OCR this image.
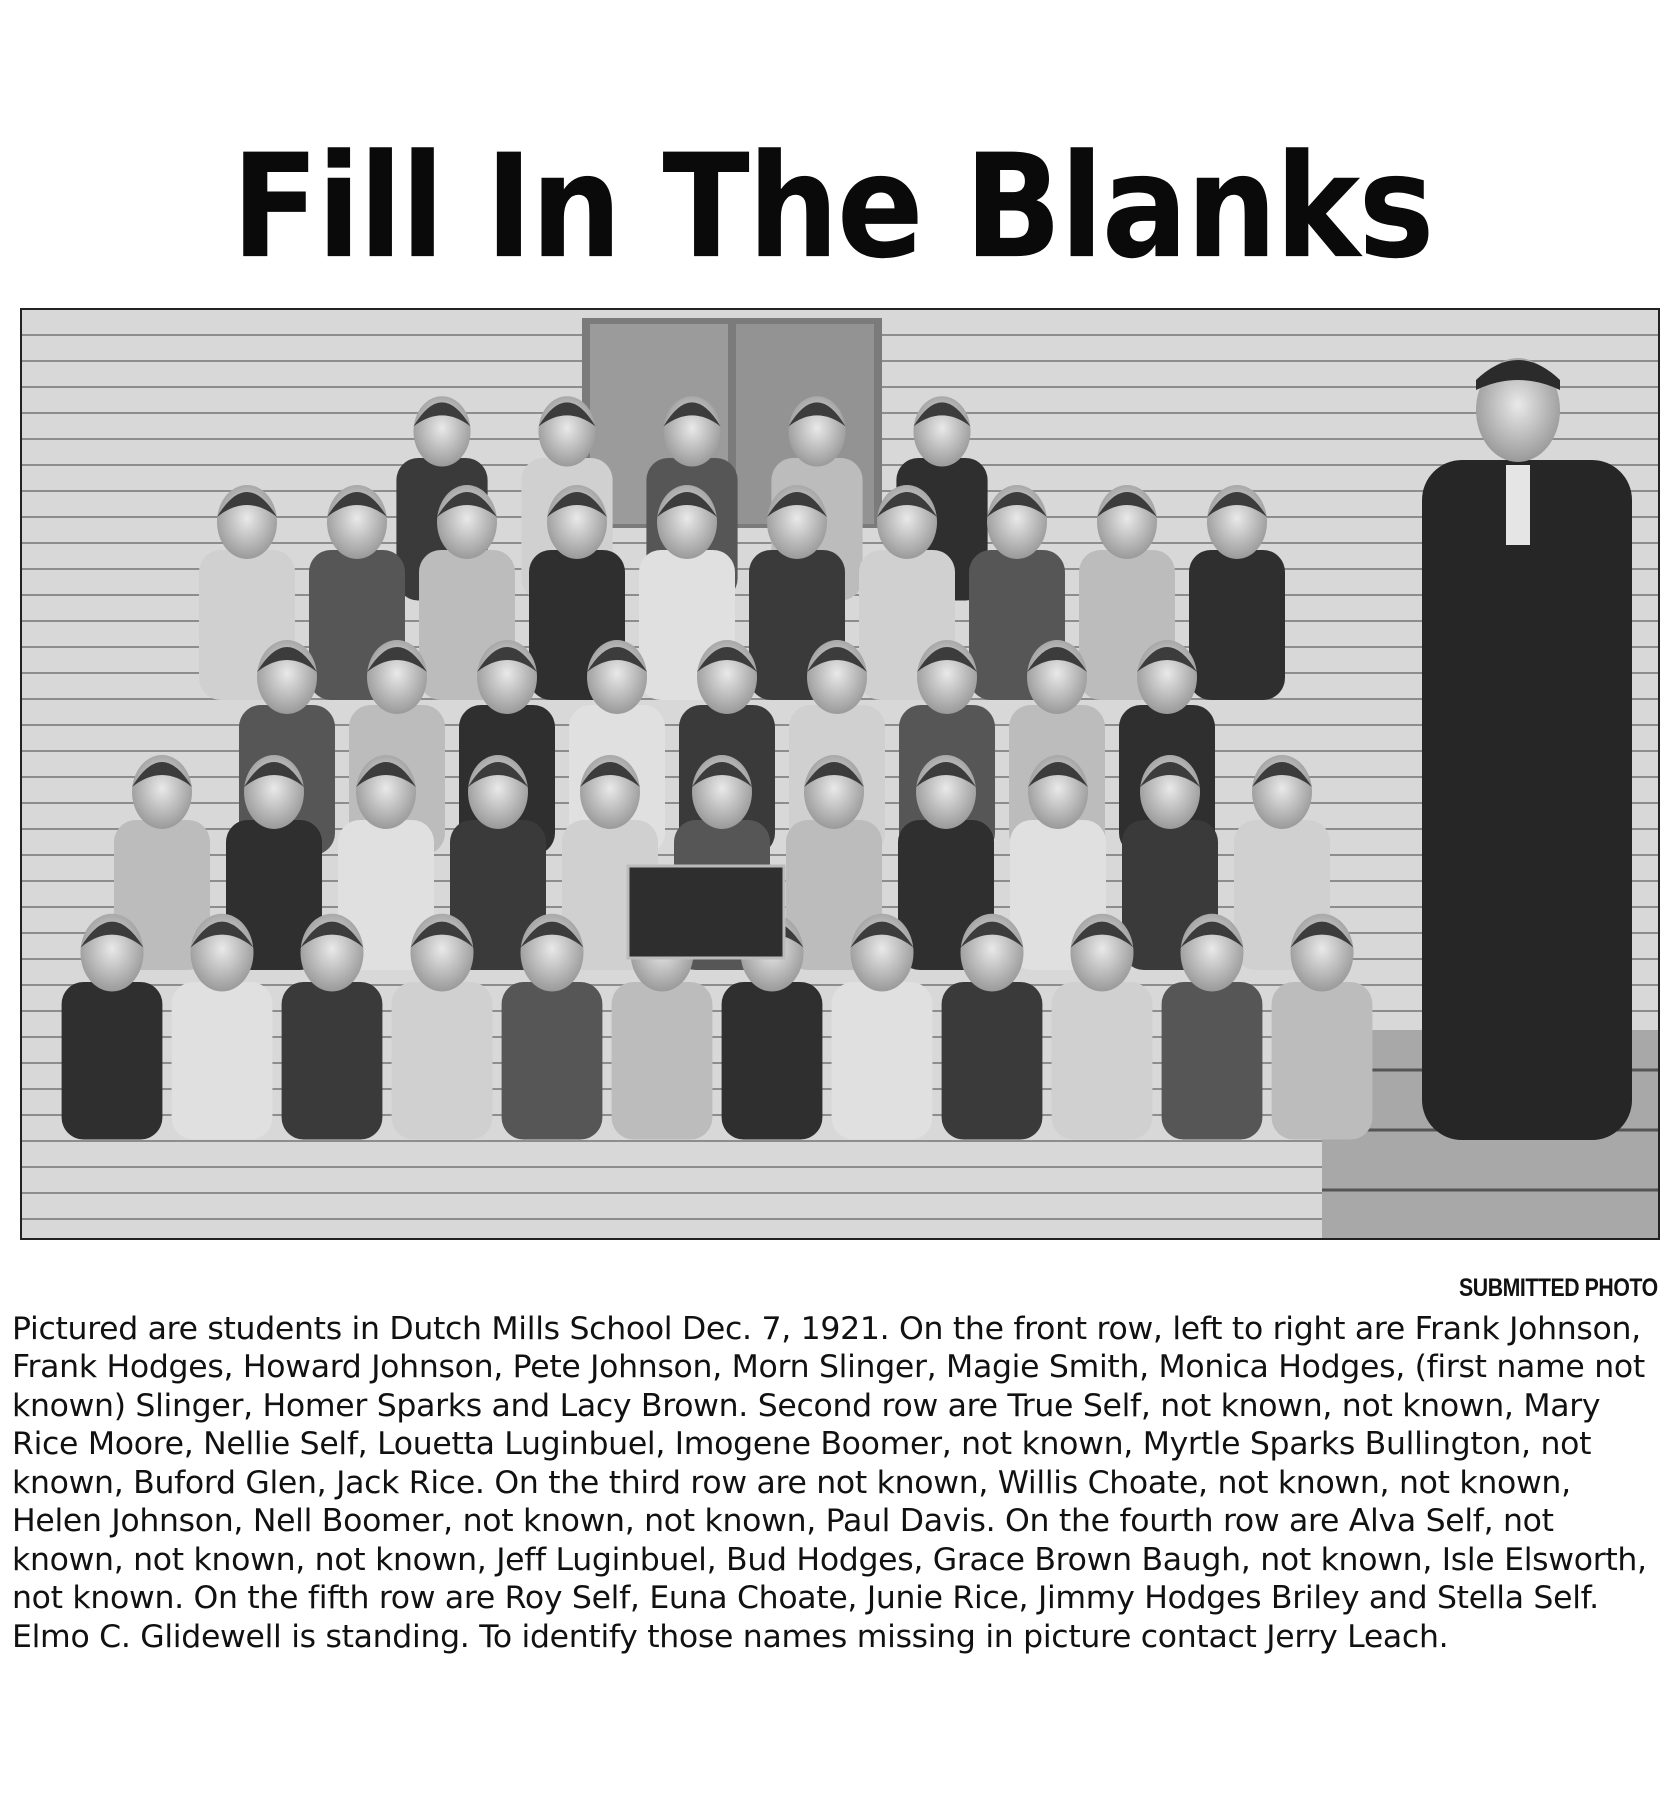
Fill In The Blanks
SUBMITTED PHOTO

Pictured are students in Dutch Mills School Dec. 7, 1921. On the front row, left to right are Frank Johnson, Frank Hodges, Howard Johnson, Pete Johnson, Morn Slinger, Magie Smith, Monica Hodges, (first name not known) Slinger, Homer Sparks and Lacy Brown. Second row are True Self, not known, not known, Mary Rice Moore, Nellie Self, Louetta Luginbuel, Imogene Boomer, not known, Myrtle Sparks Bullington, not known, Buford Glen, Jack Rice. On the third row are not known, Willis Choate, not known, not known, Helen Johnson, Nell Boomer, not known, not known, Paul Davis. On the fourth row are Alva Self, not known, not known, not known, Jeff Luginbuel, Bud Hodges, Grace Brown Baugh, not known, Isle Elsworth, not known. On the fifth row are Roy Self, Euna Choate, Junie Rice, Jimmy Hodges Briley and Stella Self. Elmo C. Glidewell is standing. To identify those names missing in picture contact Jerry Leach.
